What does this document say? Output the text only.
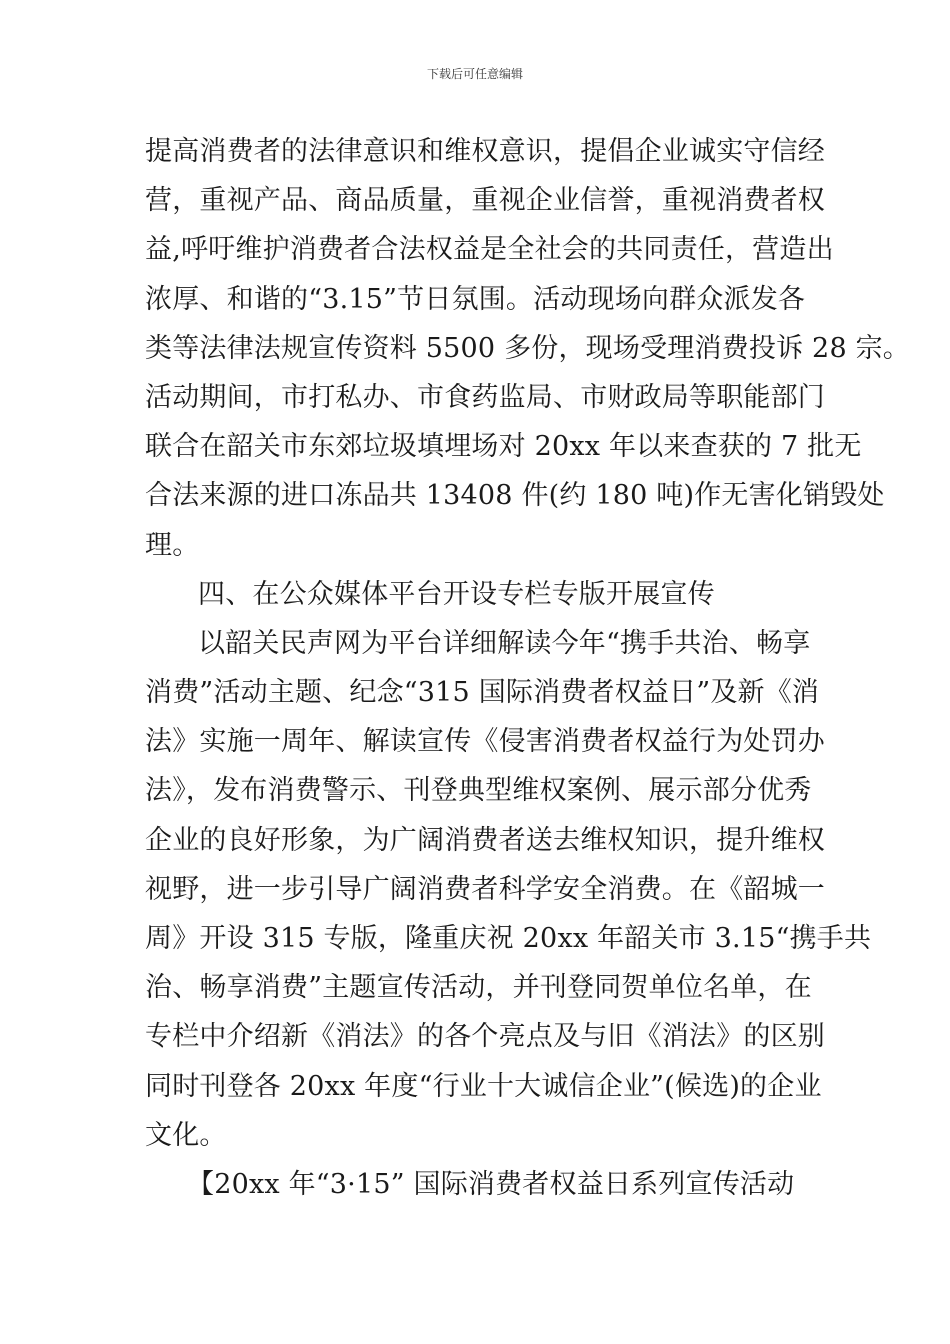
下载后可任意编辑
提高消费者的法律意识和维权意识，提倡企业诚实守信经
营，重视产品、商品质量，重视企业信誉，重视消费者权
益,呼吁维护消费者合法权益是全社会的共同责任，营造出
浓厚、和谐的“3.15”节日氛围。活动现场向群众派发各
类等法律法规宣传资料 5500 多份，现场受理消费投诉 28 宗。
活动期间，市打私办、市食药监局、市财政局等职能部门
联合在韶关市东郊垃圾填埋场对 20xx 年以来查获的 7 批无
合法来源的进口冻品共 13408 件(约 180 吨)作无害化销毁处
理。
四、在公众媒体平台开设专栏专版开展宣传
以韶关民声网为平台详细解读今年“携手共治、畅享
消费”活动主题、纪念“315 国际消费者权益日”及新《消
法》实施一周年、解读宣传《侵害消费者权益行为处罚办
法》，发布消费警示、刊登典型维权案例、展示部分优秀
企业的良好形象，为广阔消费者送去维权知识，提升维权
视野，进一步引导广阔消费者科学安全消费。在《韶城一
周》开设 315 专版，隆重庆祝 20xx 年韶关市 3.15“携手共
治、畅享消费”主题宣传活动，并刊登同贺单位名单，在
专栏中介绍新《消法》的各个亮点及与旧《消法》的区别
同时刊登各 20xx 年度“行业十大诚信企业”(候选)的企业
文化。
【20xx 年“3·15” 国际消费者权益日系列宣传活动
